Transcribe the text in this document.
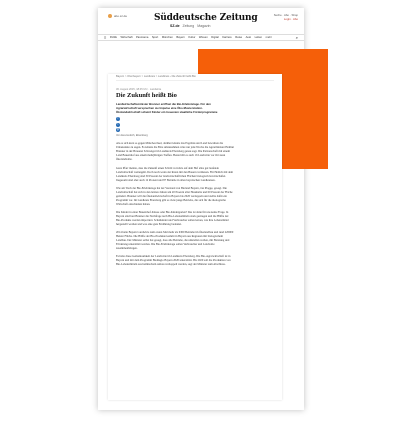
abo.sz.de	Süddeutsche Zeitung
SZ.de Zeitung Magazin
Suche · Abo · Shop
Login · Abo
≡ Politik Wirtschaft Panorama Sport München Bayern Kultur Wissen Digital Karriere Reise Auto Leben mehr	⌕
Bayern > Oberbayern > Landkreis > Landkreis › Die Zukunft heißt Bio
30. August 2015, 18:45 Uhr · Landwirte
Die Zukunft heißt Bio
Landwirtschaftsminister Brunner eröffnet die Bio-Erlebnistage. Für den Agrarwirtschaft versprechen sie Impulse eine Öko-Musterstation. Ökolandwirtschaft scheint Kinder ein treuesten staatliche Förderprogramme
f
t
@
Von Eva Hettich, Ebersberg

Als es sich kurz so gegen Mittelwechsel, darüber könnte das Ergebnis und Land bewahren die Unbekannte zu sagen. Es könnte die Ehre umzunehmen wäre nur jede Woche die Agrarminister Helmut Brunner in der Brauerei Schweiger im Landkreis Ebersberg genau sagt. Die Partnerschaft mit einem Land Bauernhof aus einem mehrjährigen Treffen. Heute hält es auch 16 Landwirte vor Ort neun Ökolandwirte.

Ganz Pfarr meinte, dass die Zukunft einen Schritt vorwärts auf dem Hof alles gut laufende Landwirtschaft weitergeht. Doch noch wenn der Raten mit den Bauern verdienen. Für Hettich mit dem Landkreis Ebersberg sind 50 Prozent der landwirtschaftlichen Flächen biologisch bewirtschaftet. Insgesamt sind aber auch 12 Prozent und 87 Betriebe in allen bayerischen Landkreisen.

Wie am Tisch der Bio-Erlebnistage hat der Vorstand von Bioland Bayern, Jan Plagge, gesagt. Die Landwirtschaft hat sich in den letzten Jahren um 20 Prozent aller Haushalte und 60 Prozent der Fläche geändert. Brunner will die Ökolandwirtschaft in Bayern bis 2020 verdoppeln und stellte dafür ein Programm vor. Im Landkreis Ebersberg gibt es viele junge Betriebe, die sich für die ökologische Wirtschaft entschieden haben.

Die Kinder in einer Bauernhof-Klasse oder Bio-Kindergarten? Das ist dann für uns keine Frage. In Bayern sind laut Brunner die Nachfrage nach Bio-Lebensmitteln stark gestiegen und die Hälfte der Bio-Produkte werden importiert. Schulkinder und Verbraucher sollen lernen, wie ihre Lebensmittel hergestellt werden und was eine gute Ernährung bedeutet.

2014 hatte Bayern Landwirte zum ersten Mal mehr als 6300 Betriebe im Ökolandbau und rund 220000 Hektar Fläche. Die Hälfte der Bio-Produkte kommt in Bayern aus Regionen mit biologischem Landbau. Der Minister selbst hat gesagt, dass alle Betriebe, die umstellen wollen, mit Beratung und Förderung unterstützt werden. Die Bio-Erlebnistage sollen Verbraucher und Landwirte zusammenbringen.

Es habe diese Gemeinsamkeit der Landwirte im Landkreis Ebersberg. Die Bio-Agrarwirtschaft ist in Bayern und mit dem Programm BioRegio Bayern 2020 unterstützt. Bis 2020 soll die Produktion von Bio-Lebensmitteln aus heimischem Anbau verdoppelt werden, sagt der Minister zum Abschluss.
